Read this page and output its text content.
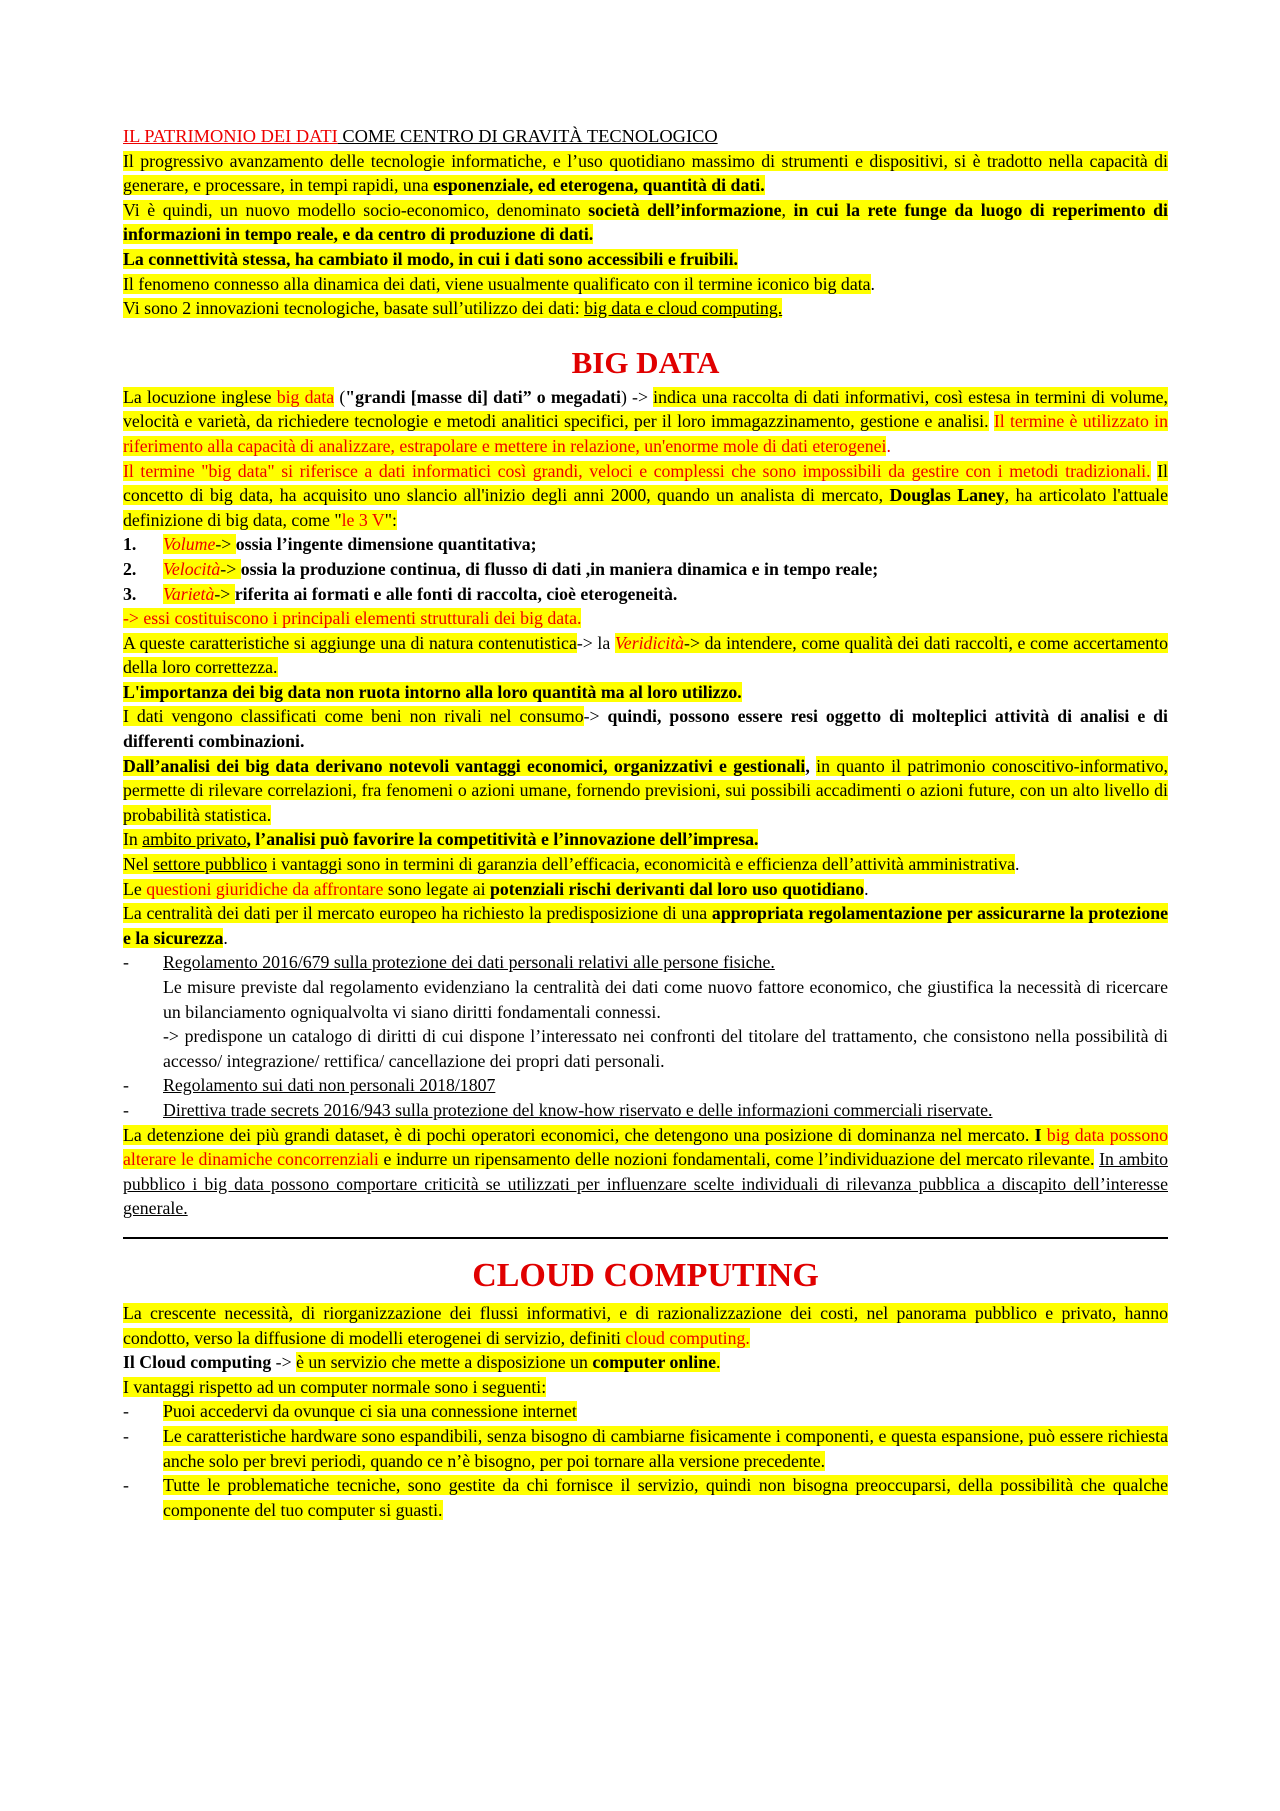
IL PATRIMONIO DEI DATI COME CENTRO DI GRAVITÀ TECNOLOGICO

Il progressivo avanzamento delle tecnologie informatiche, e l’uso quotidiano massimo di strumenti e dispositivi, si è tradotto nella capacità di generare, e processare, in tempi rapidi, una esponenziale, ed eterogena, quantità di dati.

Vi è quindi, un nuovo modello socio-economico, denominato società dell’informazione, in cui la rete funge da luogo di reperimento di informazioni in tempo reale, e da centro di produzione di dati.

La connettività stessa, ha cambiato il modo, in cui i dati sono accessibili e fruibili.

Il fenomeno connesso alla dinamica dei dati, viene usualmente qualificato con il termine iconico big data.

Vi sono 2 innovazioni tecnologiche, basate sull’utilizzo dei dati: big data e cloud computing.

BIG DATA

La locuzione inglese big data ("grandi [masse di] dati” o megadati) -> indica una raccolta di dati informativi, così estesa in termini di volume, velocità e varietà, da richiedere tecnologie e metodi analitici specifici, per il loro immagazzinamento, gestione e analisi. Il termine è utilizzato in riferimento alla capacità di analizzare, estrapolare e mettere in relazione, un'enorme mole di dati eterogenei.

Il termine "big data" si riferisce a dati informatici così grandi, veloci e complessi che sono impossibili da gestire con i metodi tradizionali. Il concetto di big data, ha acquisito uno slancio all'inizio degli anni 2000, quando un analista di mercato, Douglas Laney, ha articolato l'attuale definizione di big data, come "le 3 V":

1.	Volume-> ossia l’ingente dimensione quantitativa;
2.	Velocità-> ossia la produzione continua, di flusso di dati ,in maniera dinamica e in tempo reale;
3.	Varietà-> riferita ai formati e alle fonti di raccolta, cioè eterogeneità.

-> essi costituiscono i principali elementi strutturali dei big data.

A queste caratteristiche si aggiunge una di natura contenutistica-> la Veridicità-> da intendere, come qualità dei dati raccolti, e come accertamento della loro correttezza.

L'importanza dei big data non ruota intorno alla loro quantità ma al loro utilizzo.

I dati vengono classificati come beni non rivali nel consumo-> quindi, possono essere resi oggetto di molteplici attività di analisi e di differenti combinazioni.

Dall’analisi dei big data derivano notevoli vantaggi economici, organizzativi e gestionali, in quanto il patrimonio conoscitivo-informativo, permette di rilevare correlazioni, fra fenomeni o azioni umane, fornendo previsioni, sui possibili accadimenti o azioni future, con un alto livello di probabilità statistica.

In ambito privato, l’analisi può favorire la competitività e l’innovazione dell’impresa.

Nel settore pubblico i vantaggi sono in termini di garanzia dell’efficacia, economicità e efficienza dell’attività amministrativa.

Le questioni giuridiche da affrontare sono legate ai potenziali rischi derivanti dal loro uso quotidiano.

La centralità dei dati per il mercato europeo ha richiesto la predisposizione di una appropriata regolamentazione per assicurarne la protezione e la sicurezza.

-	Regolamento 2016/679 sulla protezione dei dati personali relativi alle persone fisiche.

Le misure previste dal regolamento evidenziano la centralità dei dati come nuovo fattore economico, che giustifica la necessità di ricercare un bilanciamento ogniqualvolta vi siano diritti fondamentali connessi.

-> predispone un catalogo di diritti di cui dispone l’interessato nei confronti del titolare del trattamento, che consistono nella possibilità di accesso/ integrazione/ rettifica/ cancellazione dei propri dati personali.

-	Regolamento sui dati non personali 2018/1807
-	Direttiva trade secrets 2016/943 sulla protezione del know-how riservato e delle informazioni commerciali riservate.

La detenzione dei più grandi dataset, è di pochi operatori economici, che detengono una posizione di dominanza nel mercato. I big data possono alterare le dinamiche concorrenziali e indurre un ripensamento delle nozioni fondamentali, come l’individuazione del mercato rilevante. In ambito pubblico i big data possono comportare criticità se utilizzati per influenzare scelte individuali di rilevanza pubblica a discapito dell’interesse generale.

CLOUD COMPUTING

La crescente necessità, di riorganizzazione dei flussi informativi, e di razionalizzazione dei costi, nel panorama pubblico e privato, hanno condotto, verso la diffusione di modelli eterogenei di servizio, definiti cloud computing.

Il Cloud computing -> è un servizio che mette a disposizione un computer online.

I vantaggi rispetto ad un computer normale sono i seguenti:

-	Puoi accedervi da ovunque ci sia una connessione internet
-	Le caratteristiche hardware sono espandibili, senza bisogno di cambiarne fisicamente i componenti, e questa espansione, può essere richiesta anche solo per brevi periodi, quando ce n’è bisogno, per poi tornare alla versione precedente.
-	Tutte le problematiche tecniche, sono gestite da chi fornisce il servizio, quindi non bisogna preoccuparsi, della possibilità che qualche componente del tuo computer si guasti.
